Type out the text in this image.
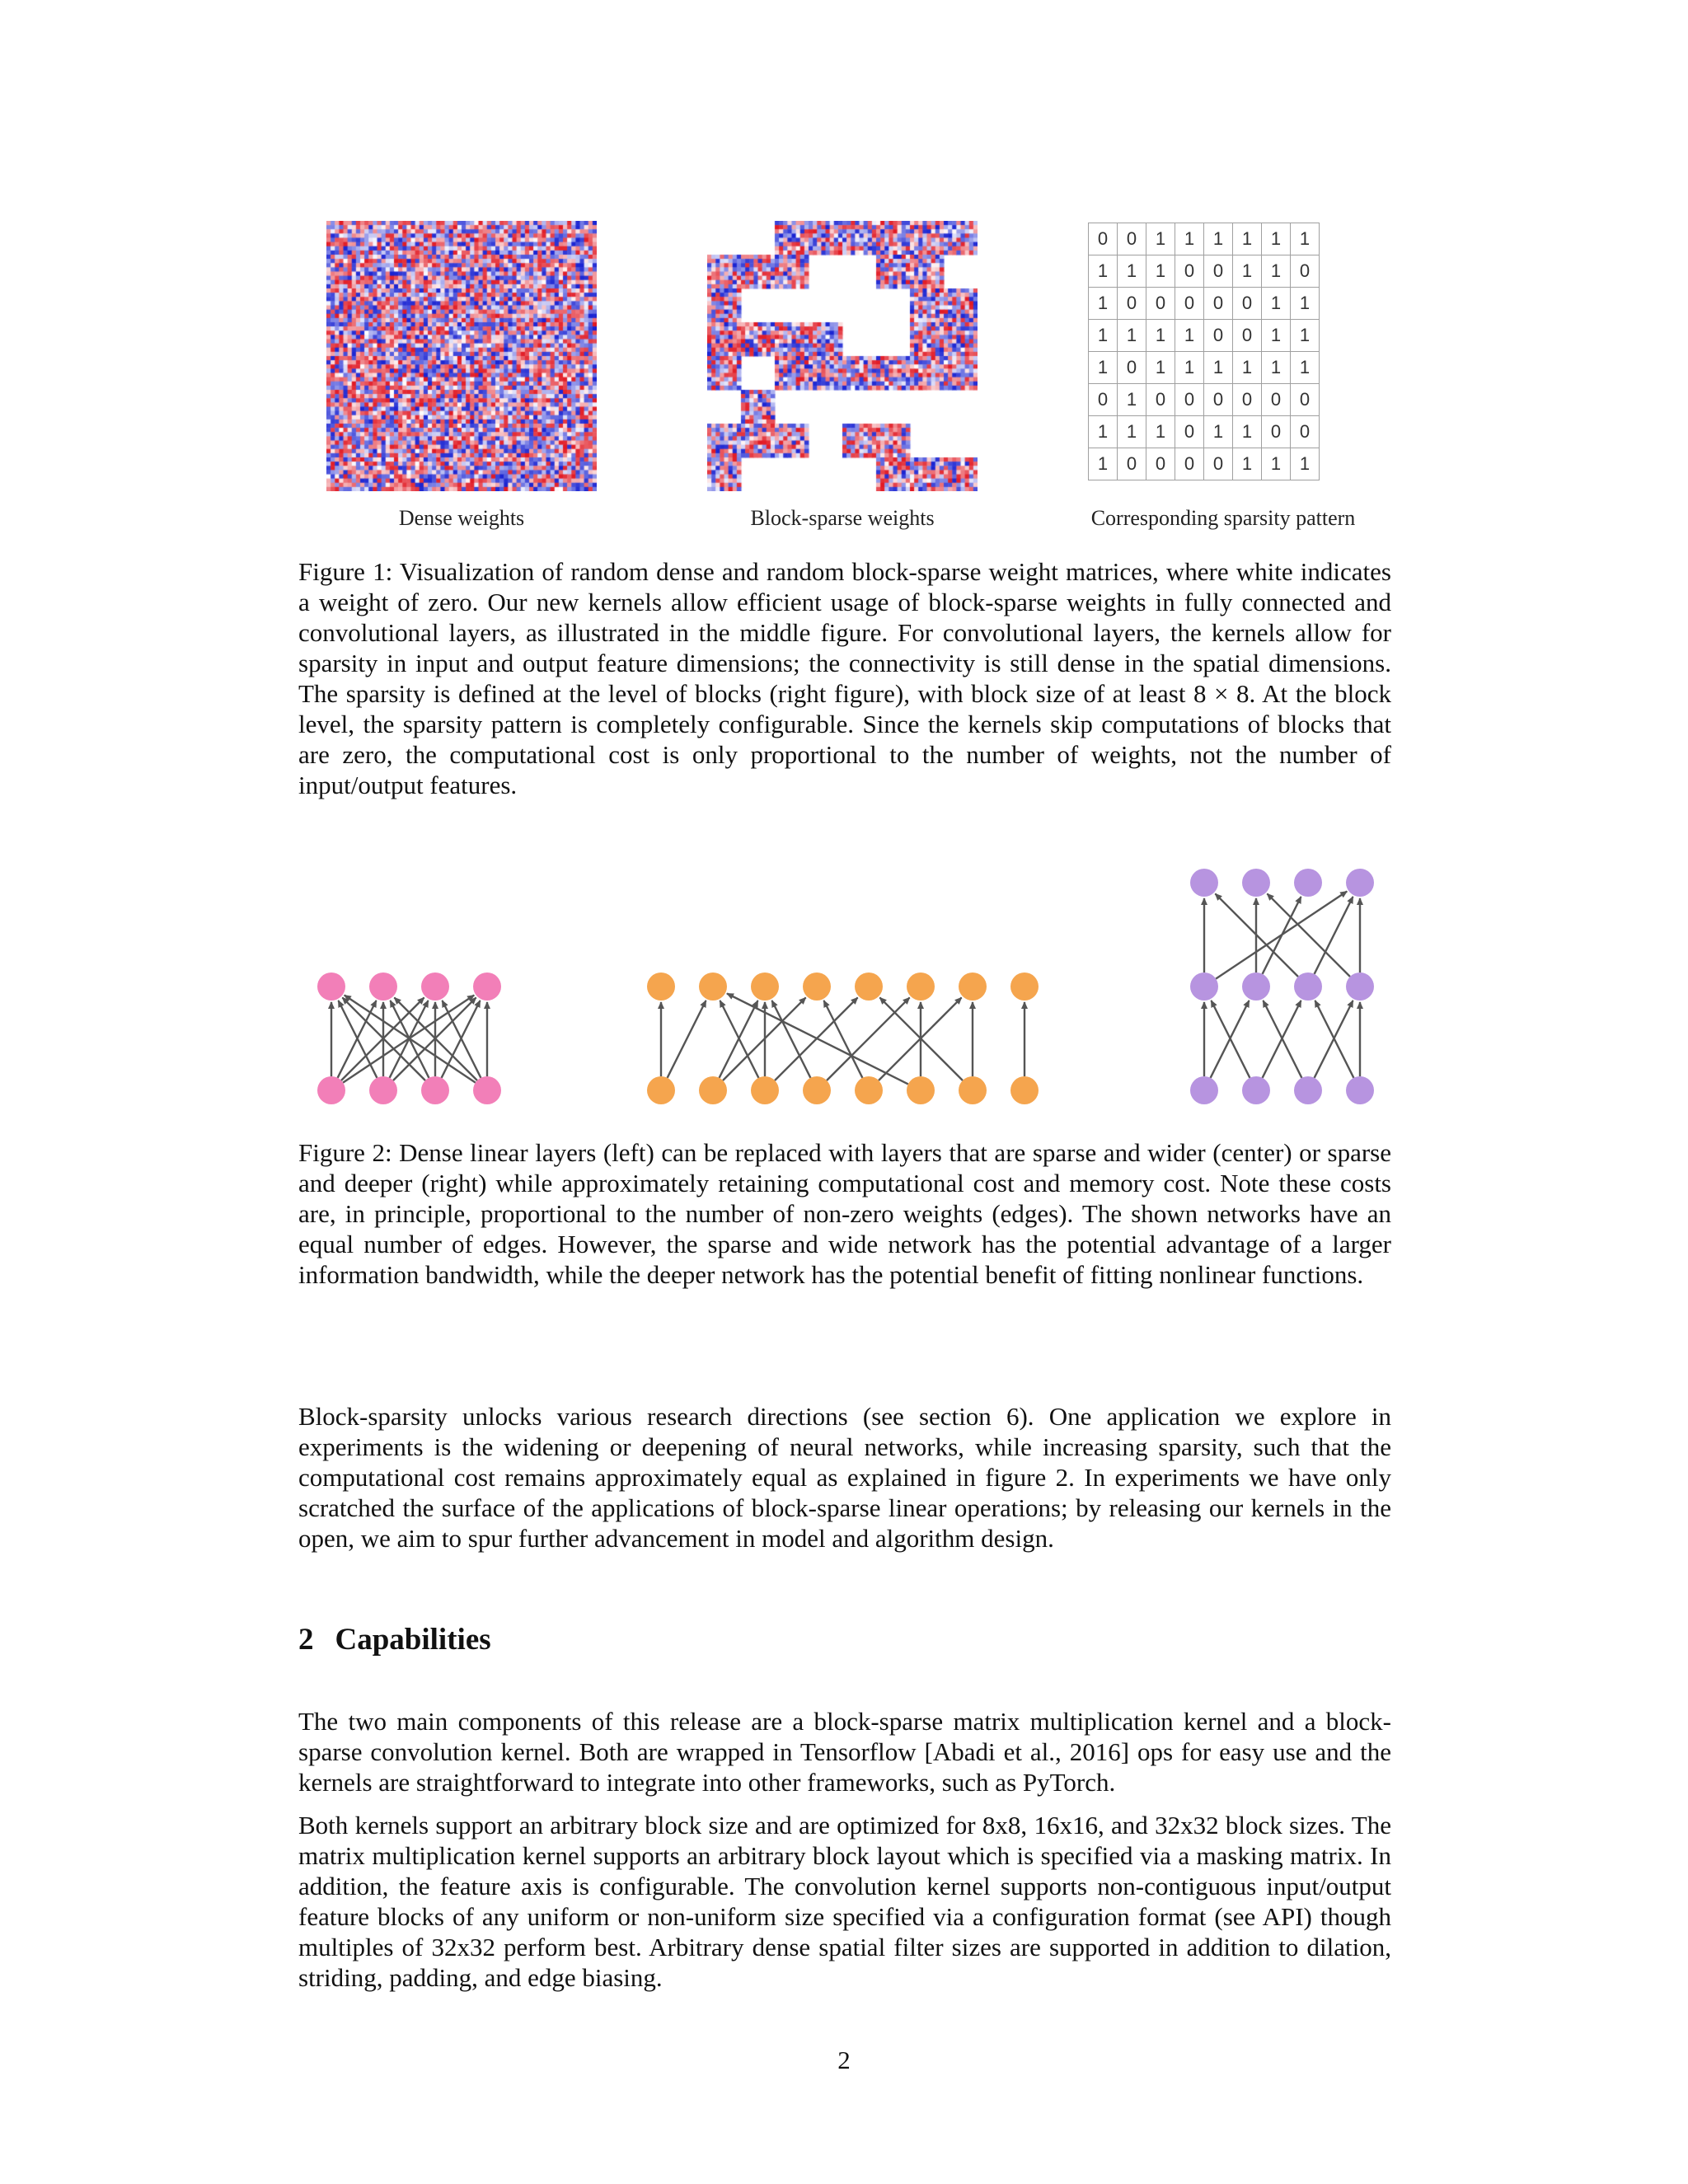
0	0	1	1	1	1	1	1
1	1	1	0	0	1	1	0
1	0	0	0	0	0	1	1
1	1	1	1	0	0	1	1
1	0	1	1	1	1	1	1
0	1	0	0	0	0	0	0
1	1	1	0	1	1	0	0
1	0	0	0	0	1	1	1
Dense weights	Block-sparse weights	Corresponding sparsity pattern

Figure 1: Visualization of random dense and random block-sparse weight matrices, where white indicates a weight of zero. Our new kernels allow efficient usage of block-sparse weights in fully connected and convolutional layers, as illustrated in the middle figure. For convolutional layers, the kernels allow for sparsity in input and output feature dimensions; the connectivity is still dense in the spatial dimensions. The sparsity is defined at the level of blocks (right figure), with block size of at least 8 × 8. At the block level, the sparsity pattern is completely configurable. Since the kernels skip computations of blocks that are zero, the computational cost is only proportional to the number of weights, not the number of input/output features.

Figure 2: Dense linear layers (left) can be replaced with layers that are sparse and wider (center) or sparse and deeper (right) while approximately retaining computational cost and memory cost. Note these costs are, in principle, proportional to the number of non-zero weights (edges). The shown networks have an equal number of edges. However, the sparse and wide network has the potential advantage of a larger information bandwidth, while the deeper network has the potential benefit of fitting nonlinear functions.

Block-sparsity unlocks various research directions (see section 6). One application we explore in experiments is the widening or deepening of neural networks, while increasing sparsity, such that the computational cost remains approximately equal as explained in figure 2. In experiments we have only scratched the surface of the applications of block-sparse linear operations; by releasing our kernels in the open, we aim to spur further advancement in model and algorithm design.

2 Capabilities

The two main components of this release are a block-sparse matrix multiplication kernel and a block-sparse convolution kernel. Both are wrapped in Tensorflow [Abadi et al., 2016] ops for easy use and the kernels are straightforward to integrate into other frameworks, such as PyTorch.

Both kernels support an arbitrary block size and are optimized for 8x8, 16x16, and 32x32 block sizes. The matrix multiplication kernel supports an arbitrary block layout which is specified via a masking matrix. In addition, the feature axis is configurable. The convolution kernel supports non-contiguous input/output feature blocks of any uniform or non-uniform size specified via a configuration format (see API) though multiples of 32x32 perform best. Arbitrary dense spatial filter sizes are supported in addition to dilation, striding, padding, and edge biasing.

2
